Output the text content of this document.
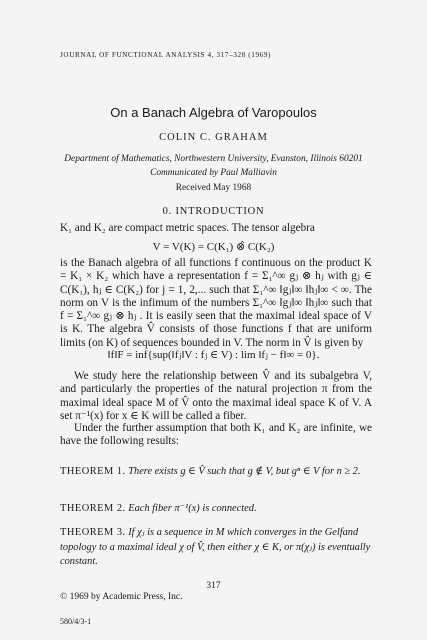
JOURNAL OF FUNCTIONAL ANALYSIS 4, 317–328 (1969)
On a Banach Algebra of Varopoulos
COLIN C. GRAHAM
Department of Mathematics, Northwestern University, Evanston, Illinois 60201
Communicated by Paul Malliavin
Received May 1968
0. INTRODUCTION

K₁ and K₂ are compact metric spaces. The tensor algebra

V = V(K) = C(K₁) ⊗̂ C(K₂)

is the Banach algebra of all functions f continuous on the product K = K₁ × K₂ which have a representation f = Σ₁^∞ gⱼ ⊗ hⱼ with gⱼ ∈ C(K₁), hⱼ ∈ C(K₂) for j = 1, 2,... such that Σ₁^∞ ‖gⱼ‖∞ ‖hⱼ‖∞ < ∞. The norm on V is the infimum of the numbers Σ₁^∞ ‖gⱼ‖∞ ‖hⱼ‖∞ such that f = Σ₁^∞ gⱼ ⊗ hⱼ . It is easily seen that the maximal ideal space of V is K. The algebra V̂ consists of those functions f that are uniform limits (on K) of sequences bounded in V. The norm in V̂ is given by

‖f‖F = inf{sup(‖fⱼ‖V : fⱼ ∈ V) : lim ‖fⱼ − f‖∞ = 0}.

We study here the relationship between V̂ and its subalgebra V, and particularly the properties of the natural projection π from the maximal ideal space M of V̂ onto the maximal ideal space K of V. A set π⁻¹(x) for x ∈ K will be called a fiber.

Under the further assumption that both K₁ and K₂ are infinite, we have the following results:

THEOREM 1. There exists g ∈ V̂ such that g ∉ V, but gⁿ ∈ V for n ≥ 2.

THEOREM 2. Each fiber π⁻¹(x) is connected.

THEOREM 3. If χⱼ is a sequence in M which converges in the Gelfand topology to a maximal ideal χ of V̂, then either χ ∈ K, or π(χⱼ) is eventually constant.

317
© 1969 by Academic Press, Inc.
580/4/3-1
